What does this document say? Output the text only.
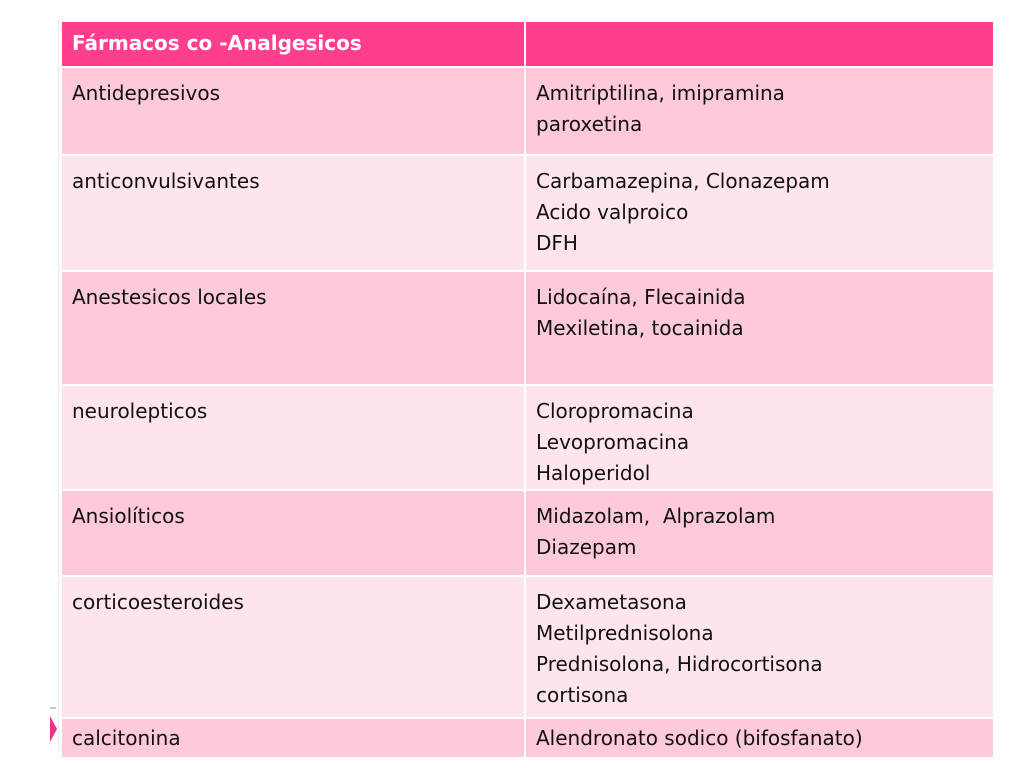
Fármacos co -Analgesicos	
Antidepresivos	Amitriptilina, imipramina
paroxetina

anticonvulsivantes	Carbamazepina, Clonazepam
Acido valproico
DFH

Anestesicos locales	Lidocaína, Flecainida
Mexiletina, tocainida

neurolepticos	Cloropromacina
Levopromacina
Haloperidol

Ansiolíticos	Midazolam,  Alprazolam
Diazepam

corticoesteroides	Dexametasona
Metilprednisolona
Prednisolona, Hidrocortisona
cortisona

calcitonina	Alendronato sodico (bifosfanato)
